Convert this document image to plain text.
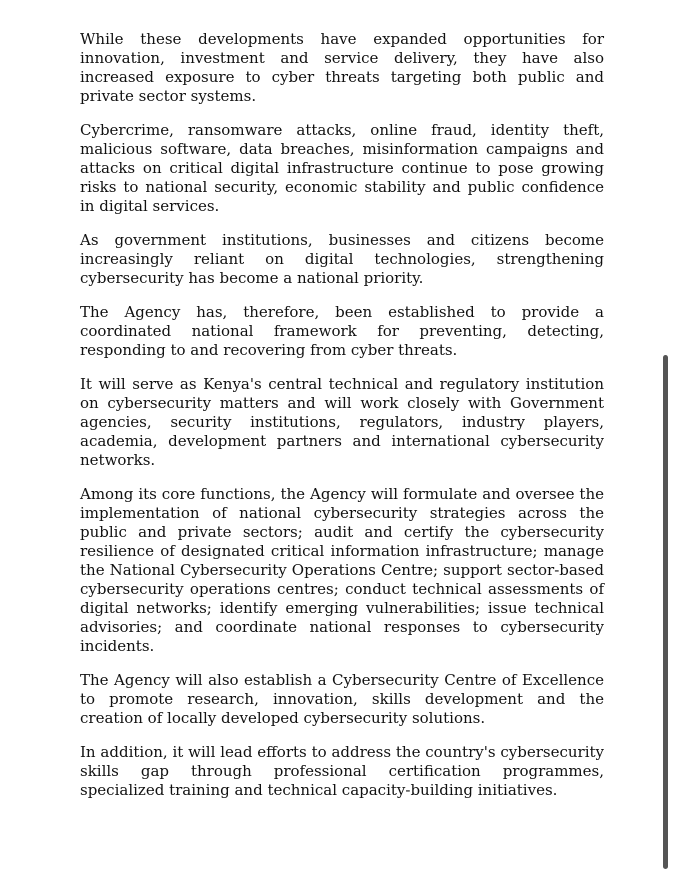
While these developments have expanded opportunities for innovation, investment and service delivery, they have also increased exposure to cyber threats targeting both public and private sector systems.

Cybercrime, ransomware attacks, online fraud, identity theft, malicious software, data breaches, misinformation campaigns and attacks on critical digital infrastructure continue to pose growing risks to national security, economic stability and public confidence in digital services.

As government institutions, businesses and citizens become increasingly reliant on digital technologies, strengthening cybersecurity has become a national priority.

The Agency has, therefore, been established to provide a coordinated national framework for preventing, detecting, responding to and recovering from cyber threats.

It will serve as Kenya's central technical and regulatory institution on cybersecurity matters and will work closely with Government agencies, security institutions, regulators, industry players, academia, development partners and international cybersecurity networks.

Among its core functions, the Agency will formulate and oversee the implementation of national cybersecurity strategies across the public and private sectors; audit and certify the cybersecurity resilience of designated critical information infrastructure; manage the National Cybersecurity Operations Centre; support sector-based cybersecurity operations centres; conduct technical assessments of digital networks; identify emerging vulnerabilities; issue technical advisories; and coordinate national responses to cybersecurity incidents.

The Agency will also establish a Cybersecurity Centre of Excellence to promote research, innovation, skills development and the creation of locally developed cybersecurity solutions.

In addition, it will lead efforts to address the country's cybersecurity skills gap through professional certification programmes, specialized training and technical capacity-building initiatives.
